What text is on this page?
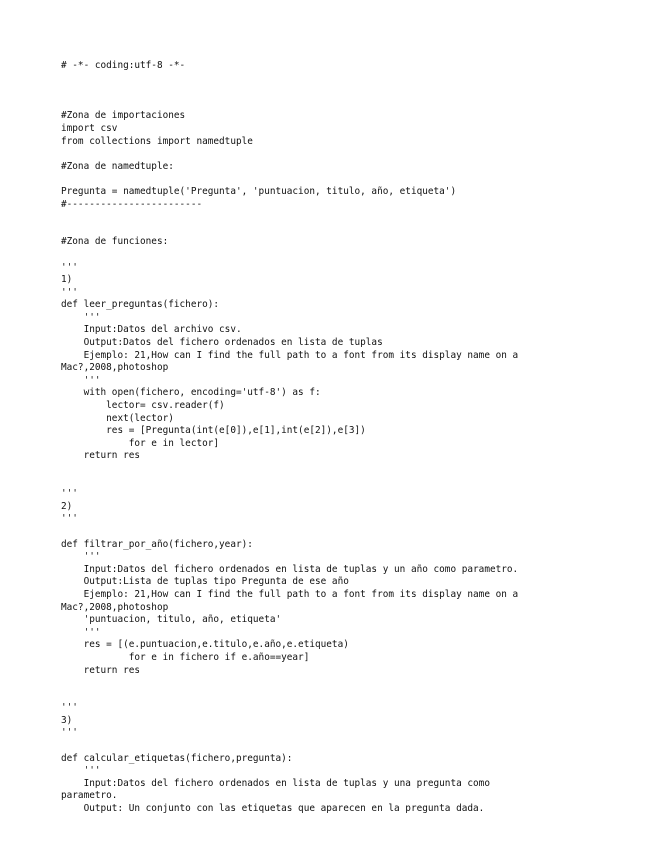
# -*- coding:utf-8 -*-
#Zona de importaciones
import csv
from collections import namedtuple
#Zona de namedtuple:
Pregunta = namedtuple('Pregunta', 'puntuacion, titulo, año, etiqueta')
#------------------------
#Zona de funciones:
'''
1)
'''
def leer_preguntas(fichero):
'''
Input:Datos del archivo csv.
Output:Datos del fichero ordenados en lista de tuplas
Ejemplo: 21,How can I find the full path to a font from its display name on a
Mac?,2008,photoshop
'''
with open(fichero, encoding='utf-8') as f:
lector= csv.reader(f)
next(lector)
res = [Pregunta(int(e[0]),e[1],int(e[2]),e[3])
for e in lector]
return res
'''
2)
'''
def filtrar_por_año(fichero,year):
'''
Input:Datos del fichero ordenados en lista de tuplas y un año como parametro.
Output:Lista de tuplas tipo Pregunta de ese año
Ejemplo: 21,How can I find the full path to a font from its display name on a
Mac?,2008,photoshop
'puntuacion, titulo, año, etiqueta'
'''
res = [(e.puntuacion,e.titulo,e.año,e.etiqueta)
for e in fichero if e.año==year]
return res
'''
3)
'''
def calcular_etiquetas(fichero,pregunta):
'''
Input:Datos del fichero ordenados en lista de tuplas y una pregunta como
parametro.
Output: Un conjunto con las etiquetas que aparecen en la pregunta dada.
